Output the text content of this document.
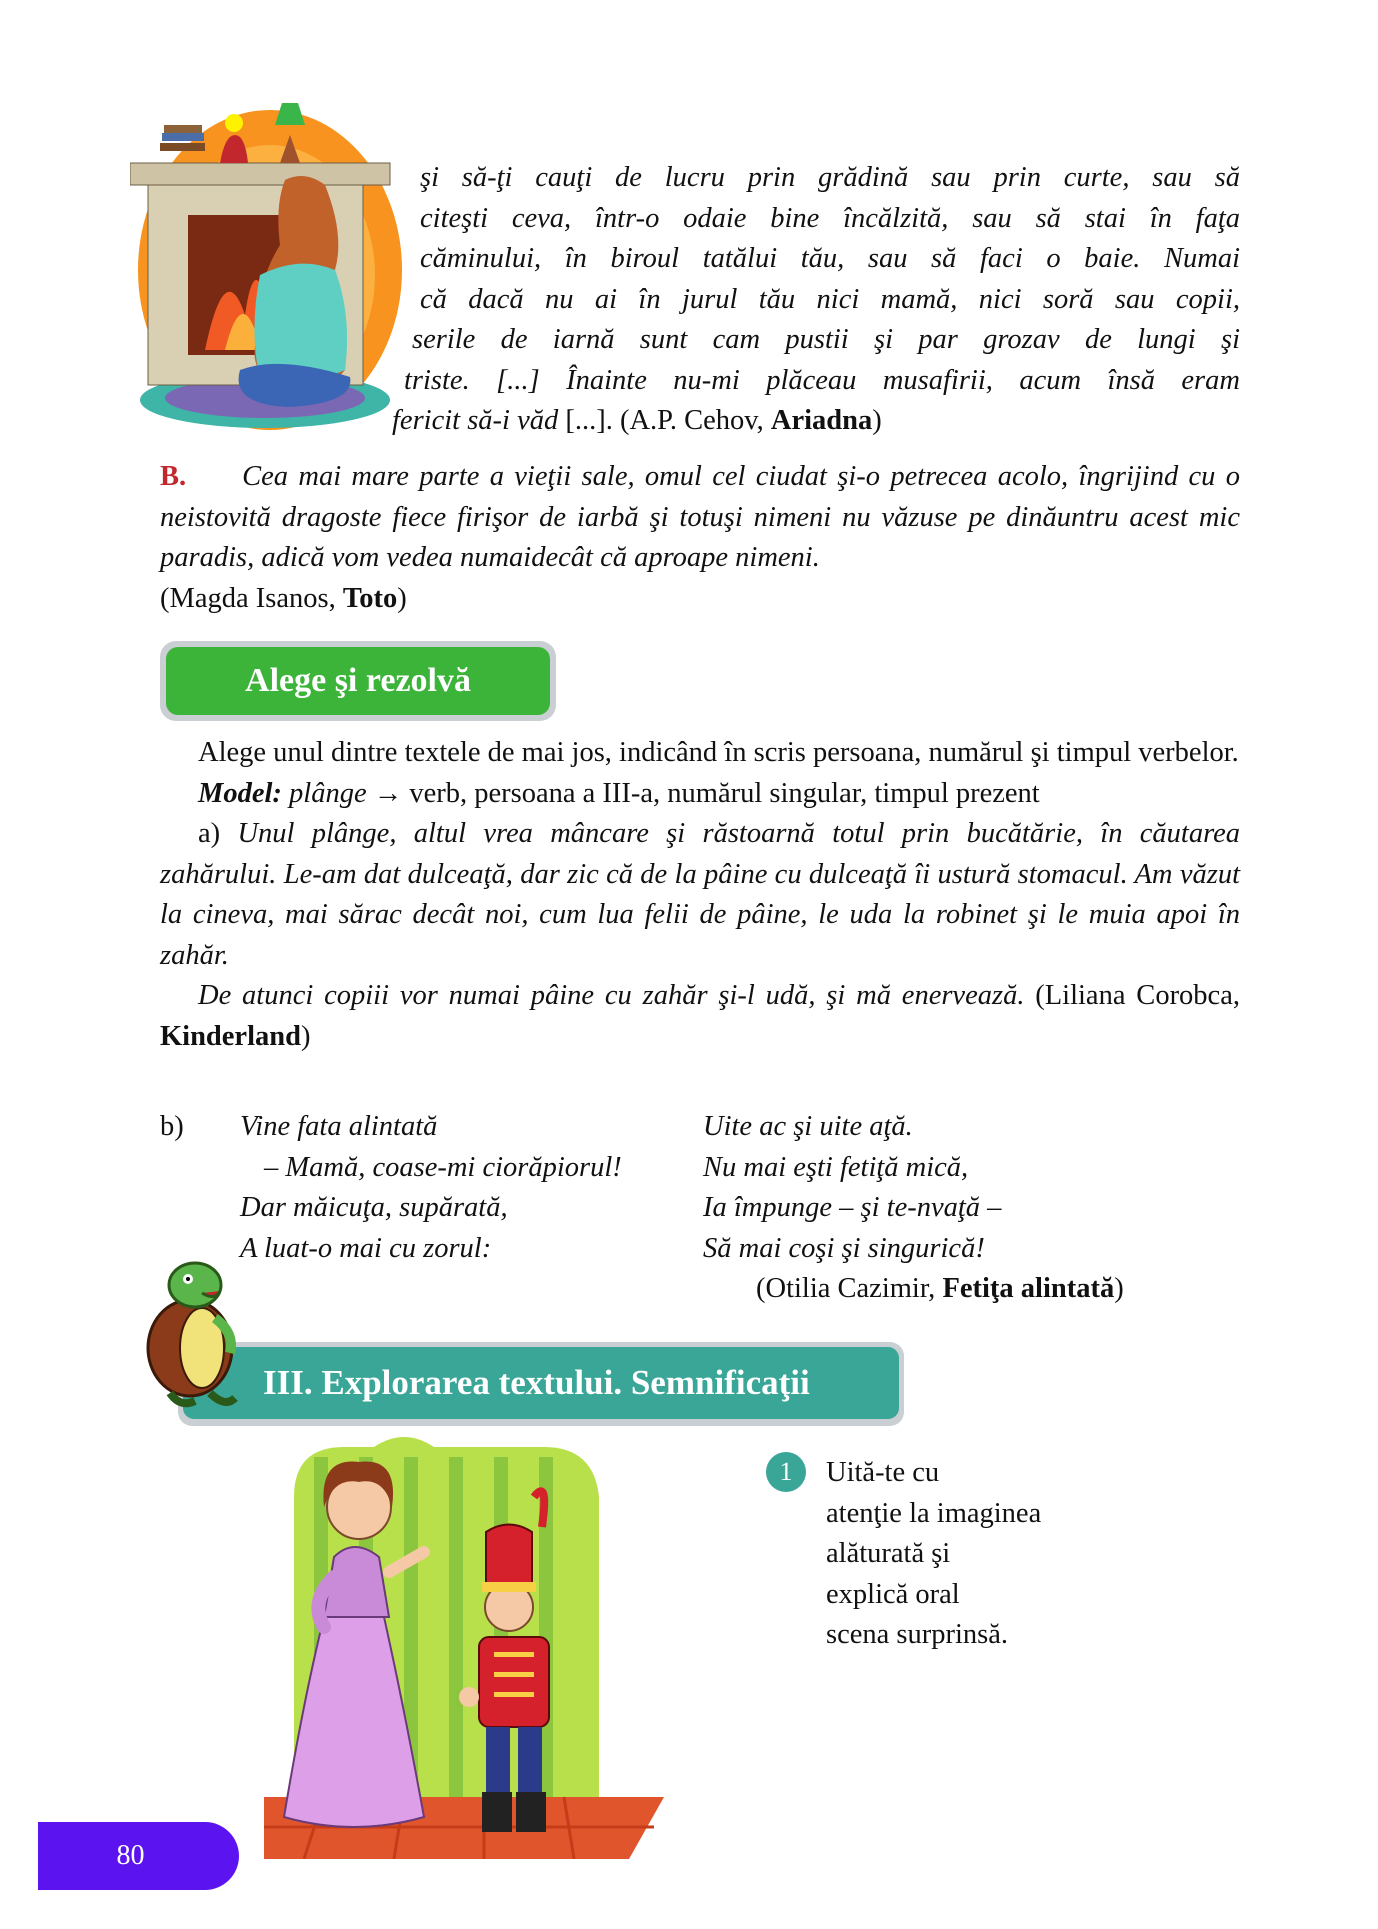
şi să-ţi cauţi de lucru prin grădină sau prin curte, sau să
citeşti ceva, într-o odaie bine încălzită, sau să stai în faţa
căminului, în biroul tatălui tău, sau să faci o baie. Numai
că dacă nu ai în jurul tău nici mamă, nici soră sau copii,
serile de iarnă sunt cam pustii şi par grozav de lungi şi
triste. [...] Înainte nu-mi plăceau musafirii, acum însă eram
fericit să-i văd [...]. (A.P. Cehov, Ariadna)
B. Cea mai mare parte a vieţii sale, omul cel ciudat şi-o petrecea acolo, îngrijind cu o neistovită dragoste fiece firişor de iarbă şi totuşi nimeni nu văzuse pe dinăuntru acest mic paradis, adică vom vedea numaidecât că aproape nimeni.
(Magda Isanos, Toto)
Alege şi rezolvă

Alege unul dintre textele de mai jos, indicând în scris persoana, numărul şi timpul verbelor.

Model: plânge → verb, persoana a III-a, numărul singular, timpul prezent

a) Unul plânge, altul vrea mâncare şi răstoarnă totul prin bucătărie, în căutarea zahărului. Le-am dat dulceaţă, dar zic că de la pâine cu dulceaţă îi ustură stomacul. Am văzut la cineva, mai sărac decât noi, cum lua felii de pâine, le uda la robinet şi le muia apoi în zahăr.

De atunci copiii vor numai pâine cu zahăr şi-l udă, şi mă enervează. (Liliana Corobca, Kinderland)

b) Vine fata alintată
– Mamă, coase-mi ciorăpiorul!
Dar măicuţa, supărată,
A luat-o mai cu zorul:
Uite ac şi uite aţă.
Nu mai eşti fetiţă mică,
Ia împunge – şi te-nvaţă –
Să mai coşi şi singurică!
(Otilia Cazimir, Fetiţa alintată)
III. Explorarea textului. Semnificaţii
1	Uită-te cu
atenţie la imaginea
alăturată şi
explică oral
scena surprinsă.
80
